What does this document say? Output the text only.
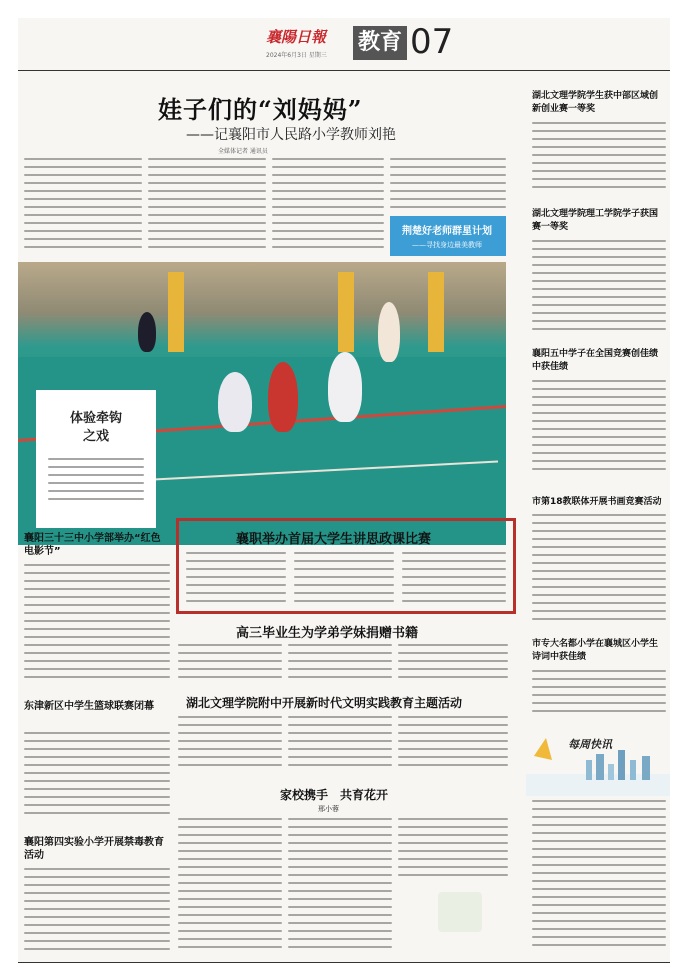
襄陽日報
2024年6月3日 星期三
教育 07
娃子们的“刘妈妈”
——记襄阳市人民路小学教师刘艳
全媒体记者 通讯员
荆楚好老师群星计划
——寻找身边最美教师
体验牵钩之戏
湖北文理学院学生获中部区域创新创业赛一等奖
湖北文理学院理工学院学子获国赛一等奖
襄阳五中学子在全国竞赛创佳绩中获佳绩
市第18教联体开展书画竞赛活动
市专大名都小学在襄城区小学生诗词中获佳绩
每周快讯
襄阳三十三中小学部举办“红色电影节”
东津新区中学生篮球联赛闭幕
襄阳第四实验小学开展禁毒教育活动
襄职举办首届大学生讲思政课比赛
高三毕业生为学弟学妹捐赠书籍
湖北文理学院附中开展新时代文明实践教育主题活动
家校携手　共育花开
邢小蓉
